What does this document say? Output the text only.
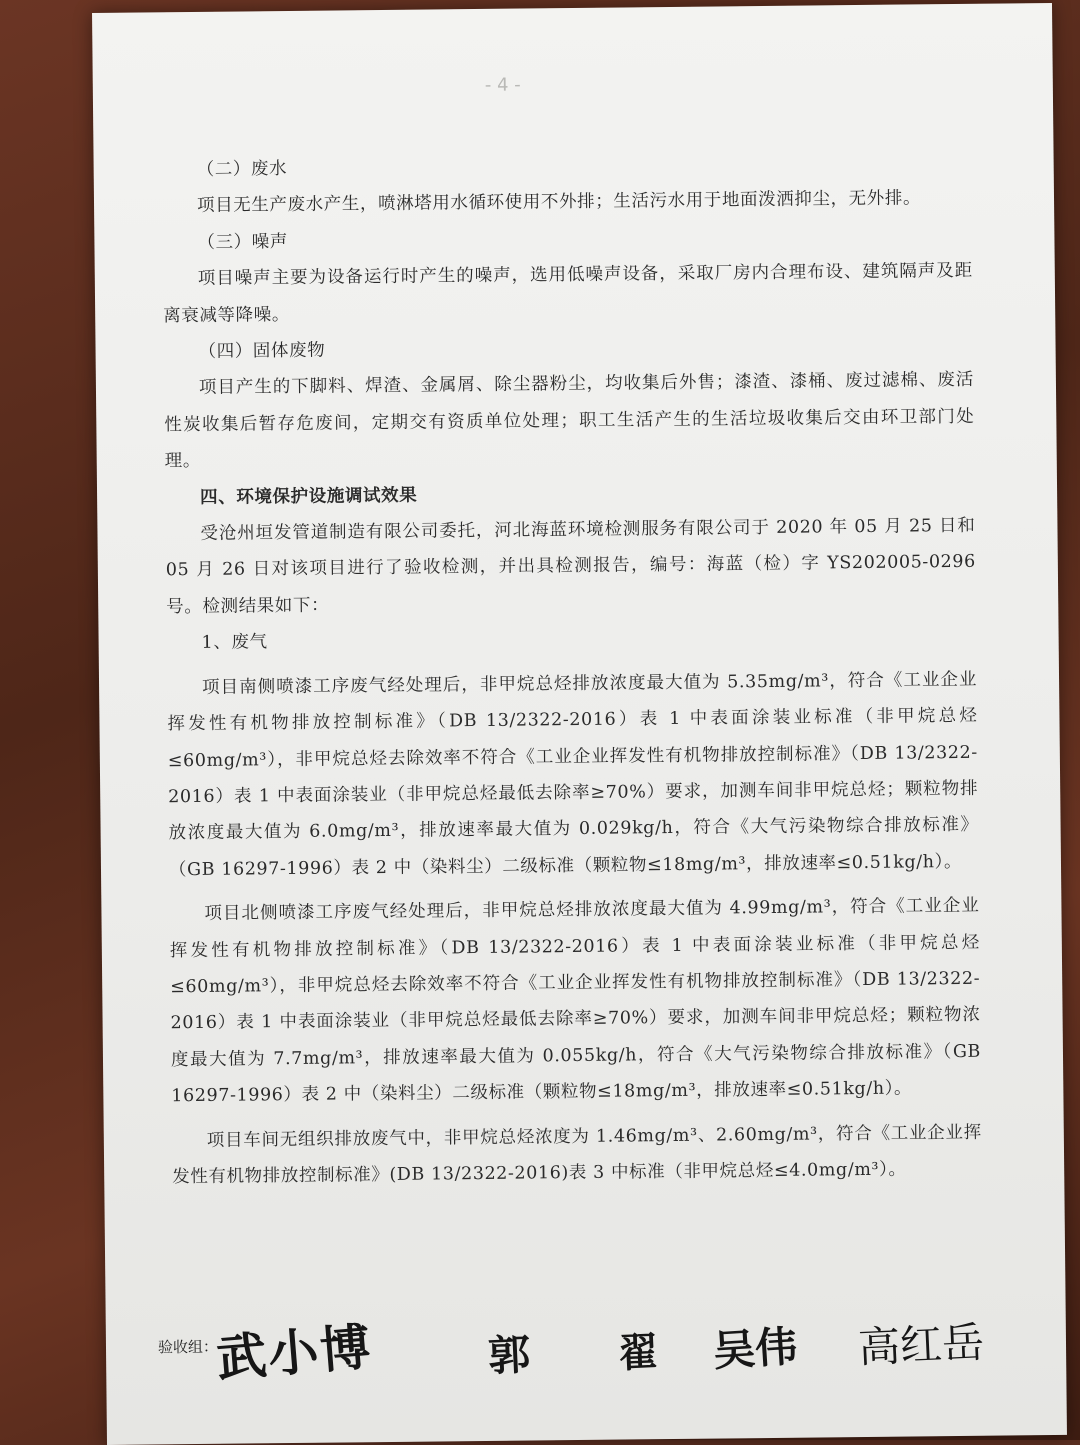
- 4 -

（二）废水

项目无生产废水产生，喷淋塔用水循环使用不外排；生活污水用于地面泼洒抑尘，无外排。

（三）噪声

项目噪声主要为设备运行时产生的噪声，选用低噪声设备，采取厂房内合理布设、建筑隔声及距离衰减等降噪。

（四）固体废物

项目产生的下脚料、焊渣、金属屑、除尘器粉尘，均收集后外售；漆渣、漆桶、废过滤棉、废活性炭收集后暂存危废间，定期交有资质单位处理；职工生活产生的生活垃圾收集后交由环卫部门处理。

四、环境保护设施调试效果

受沧州垣发管道制造有限公司委托，河北海蓝环境检测服务有限公司于 2020 年 05 月 25 日和 05 月 26 日对该项目进行了验收检测，并出具检测报告，编号：海蓝（检）字 YS202005-0296 号。检测结果如下：

1、废气

项目南侧喷漆工序废气经处理后，非甲烷总烃排放浓度最大值为 5.35mg/m³，符合《工业企业挥发性有机物排放控制标准》（DB 13/2322-2016）表 1 中表面涂装业标准（非甲烷总烃≤60mg/m³），非甲烷总烃去除效率不符合《工业企业挥发性有机物排放控制标准》（DB 13/2322-2016）表 1 中表面涂装业（非甲烷总烃最低去除率≥70%）要求，加测车间非甲烷总烃；颗粒物排放浓度最大值为 6.0mg/m³，排放速率最大值为 0.029kg/h，符合《大气污染物综合排放标准》（GB 16297-1996）表 2 中（染料尘）二级标准（颗粒物≤18mg/m³，排放速率≤0.51kg/h）。

项目北侧喷漆工序废气经处理后，非甲烷总烃排放浓度最大值为 4.99mg/m³，符合《工业企业挥发性有机物排放控制标准》（DB 13/2322-2016）表 1 中表面涂装业标准（非甲烷总烃≤60mg/m³），非甲烷总烃去除效率不符合《工业企业挥发性有机物排放控制标准》（DB 13/2322-2016）表 1 中表面涂装业（非甲烷总烃最低去除率≥70%）要求，加测车间非甲烷总烃；颗粒物浓度最大值为 7.7mg/m³，排放速率最大值为 0.055kg/h，符合《大气污染物综合排放标准》（GB 16297-1996）表 2 中（染料尘）二级标准（颗粒物≤18mg/m³，排放速率≤0.51kg/h）。

项目车间无组织排放废气中，非甲烷总烃浓度为 1.46mg/m³、2.60mg/m³，符合《工业企业挥发性有机物排放控制标准》(DB 13/2322-2016)表 3 中标准（非甲烷总烃≤4.0mg/m³）。

验收组：
武小博	郭 翟 吴伟 高红岳
